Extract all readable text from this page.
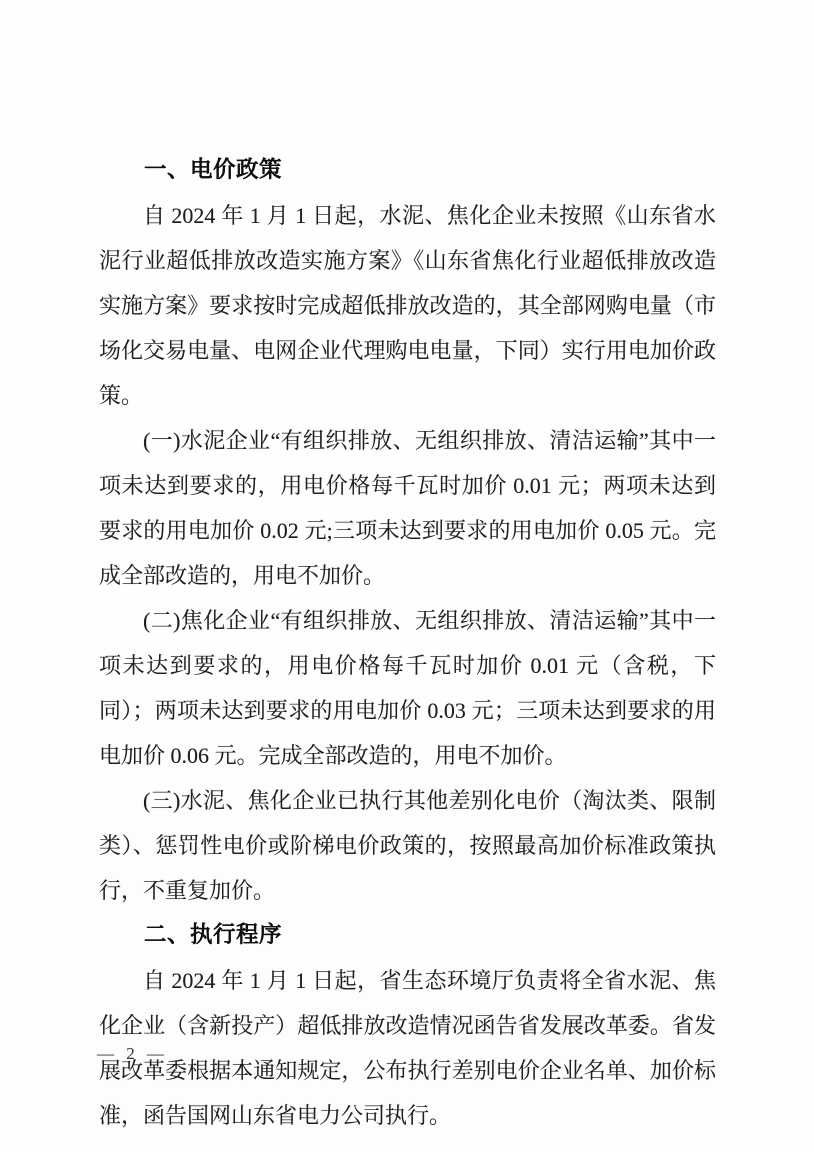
一、电价政策
自 2024 年 1 月 1 日起，水泥、焦化企业未按照《山东省水泥行业超低排放改造实施方案》《山东省焦化行业超低排放改造实施方案》要求按时完成超低排放改造的，其全部网购电量（市场化交易电量、电网企业代理购电电量，下同）实行用电加价政策。
(一)水泥企业“有组织排放、无组织排放、清洁运输”其中一项未达到要求的，用电价格每千瓦时加价 0.01 元；两项未达到要求的用电加价 0.02 元;三项未达到要求的用电加价 0.05 元。完成全部改造的，用电不加价。
(二)焦化企业“有组织排放、无组织排放、清洁运输”其中一项未达到要求的，用电价格每千瓦时加价 0.01 元（含税，下同）；两项未达到要求的用电加价 0.03 元；三项未达到要求的用电加价 0.06 元。完成全部改造的，用电不加价。
(三)水泥、焦化企业已执行其他差别化电价（淘汰类、限制类）、惩罚性电价或阶梯电价政策的，按照最高加价标准政策执行，不重复加价。
二、执行程序
自 2024 年 1 月 1 日起，省生态环境厅负责将全省水泥、焦化企业（含新投产）超低排放改造情况函告省发展改革委。省发展改革委根据本通知规定，公布执行差别电价企业名单、加价标准，函告国网山东省电力公司执行。
— 2 —
